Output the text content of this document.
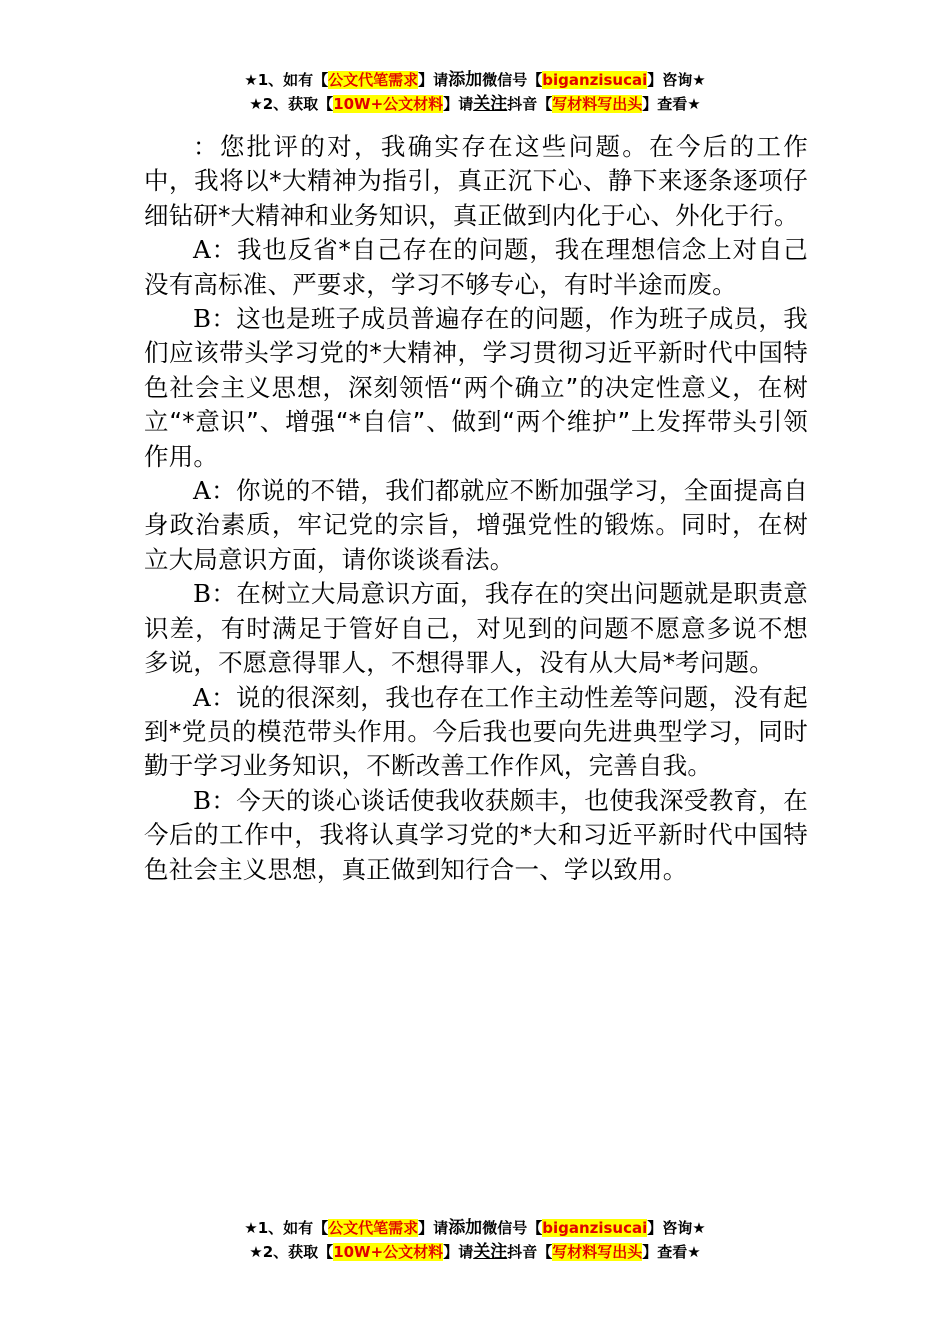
★1、如有【公文代笔需求】请添加微信号【biganzisucai】咨询★
★2、获取【10W+公文材料】请关注抖音【写材料写出头】查看★

：您批评的对，我确实存在这些问题。在今后的工作中，我将以*大精神为指引，真正沉下心、静下来逐条逐项仔细钻研*大精神和业务知识，真正做到内化于心、外化于行。

A：我也反省*自己存在的问题，我在理想信念上对自己没有高标准、严要求，学习不够专心，有时半途而废。

B：这也是班子成员普遍存在的问题，作为班子成员，我们应该带头学习党的*大精神，学习贯彻习近平新时代中国特色社会主义思想，深刻领悟“两个确立”的决定性意义，在树立“*意识”、增强“*自信”、做到“两个维护”上发挥带头引领作用。

A：你说的不错，我们都就应不断加强学习，全面提高自身政治素质，牢记党的宗旨，增强党性的锻炼。同时，在树立大局意识方面，请你谈谈看法。

B：在树立大局意识方面，我存在的突出问题就是职责意识差，有时满足于管好自己，对见到的问题不愿意多说不想多说，不愿意得罪人，不想得罪人，没有从大局*考问题。

A：说的很深刻，我也存在工作主动性差等问题，没有起到*党员的模范带头作用。今后我也要向先进典型学习，同时勤于学习业务知识，不断改善工作作风，完善自我。

B：今天的谈心谈话使我收获颇丰，也使我深受教育，在今后的工作中，我将认真学习党的*大和习近平新时代中国特色社会主义思想，真正做到知行合一、学以致用。

★1、如有【公文代笔需求】请添加微信号【biganzisucai】咨询★
★2、获取【10W+公文材料】请关注抖音【写材料写出头】查看★
